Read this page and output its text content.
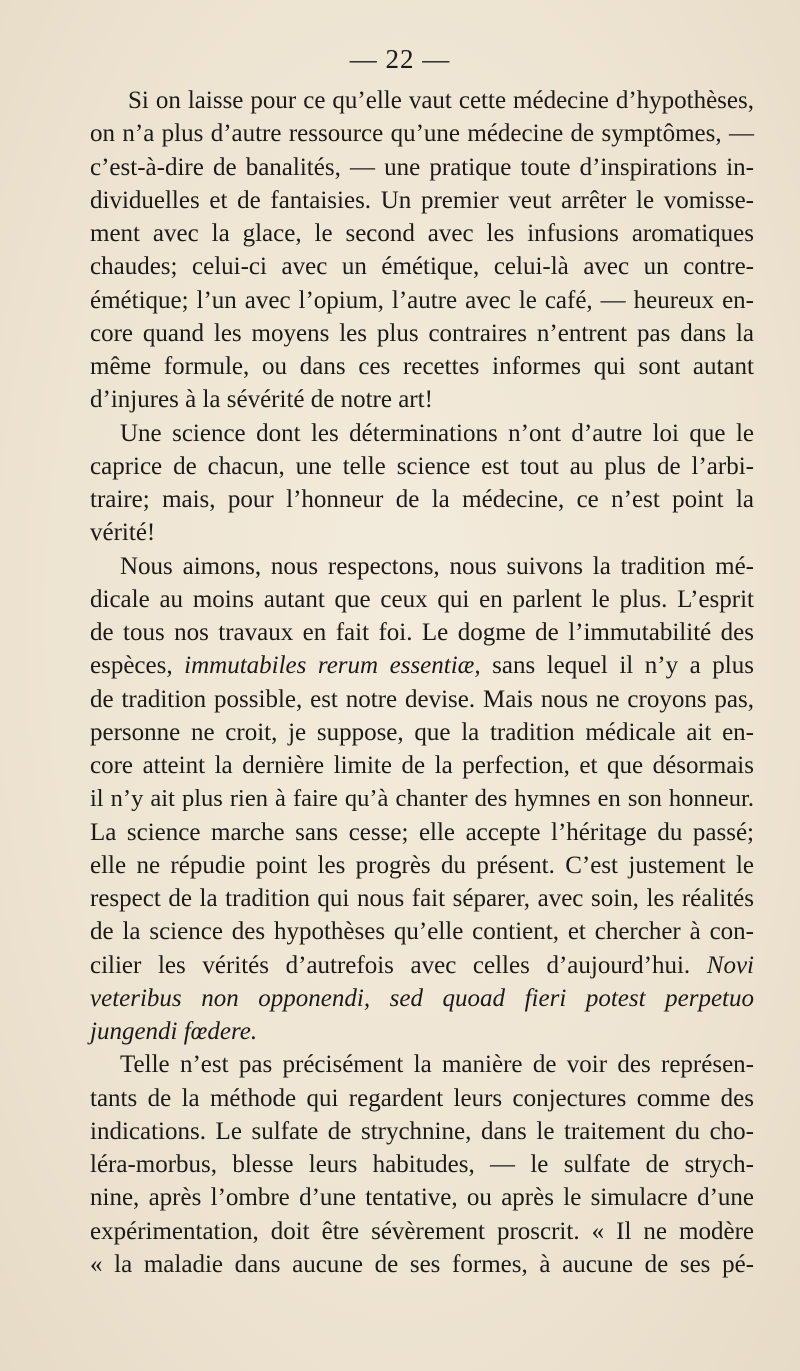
— 22 —
Si on laisse pour ce qu’elle vaut cette médecine d’hypothèses,
on n’a plus d’autre ressource qu’une médecine de symptômes, —
c’est-à-dire de banalités, — une pratique toute d’inspirations in-
dividuelles et de fantaisies. Un premier veut arrêter le vomisse-
ment avec la glace, le second avec les infusions aromatiques
chaudes; celui-ci avec un émétique, celui-là avec un contre-
émétique; l’un avec l’opium, l’autre avec le café, — heureux en-
core quand les moyens les plus contraires n’entrent pas dans la
même formule, ou dans ces recettes informes qui sont autant
d’injures à la sévérité de notre art!
Une science dont les déterminations n’ont d’autre loi que le
caprice de chacun, une telle science est tout au plus de l’arbi-
traire; mais, pour l’honneur de la médecine, ce n’est point la
vérité!
Nous aimons, nous respectons, nous suivons la tradition mé-
dicale au moins autant que ceux qui en parlent le plus. L’esprit
de tous nos travaux en fait foi. Le dogme de l’immutabilité des
espèces, immutabiles rerum essentiæ, sans lequel il n’y a plus
de tradition possible, est notre devise. Mais nous ne croyons pas,
personne ne croit, je suppose, que la tradition médicale ait en-
core atteint la dernière limite de la perfection, et que désormais
il n’y ait plus rien à faire qu’à chanter des hymnes en son honneur.
La science marche sans cesse; elle accepte l’héritage du passé;
elle ne répudie point les progrès du présent. C’est justement le
respect de la tradition qui nous fait séparer, avec soin, les réalités
de la science des hypothèses qu’elle contient, et chercher à con-
cilier les vérités d’autrefois avec celles d’aujourd’hui. Novi
veteribus non opponendi, sed quoad fieri potest perpetuo
jungendi fœdere.
Telle n’est pas précisément la manière de voir des représen-
tants de la méthode qui regardent leurs conjectures comme des
indications. Le sulfate de strychnine, dans le traitement du cho-
léra-morbus, blesse leurs habitudes, — le sulfate de strych-
nine, après l’ombre d’une tentative, ou après le simulacre d’une
expérimentation, doit être sévèrement proscrit. « Il ne modère
« la maladie dans aucune de ses formes, à aucune de ses pé-
